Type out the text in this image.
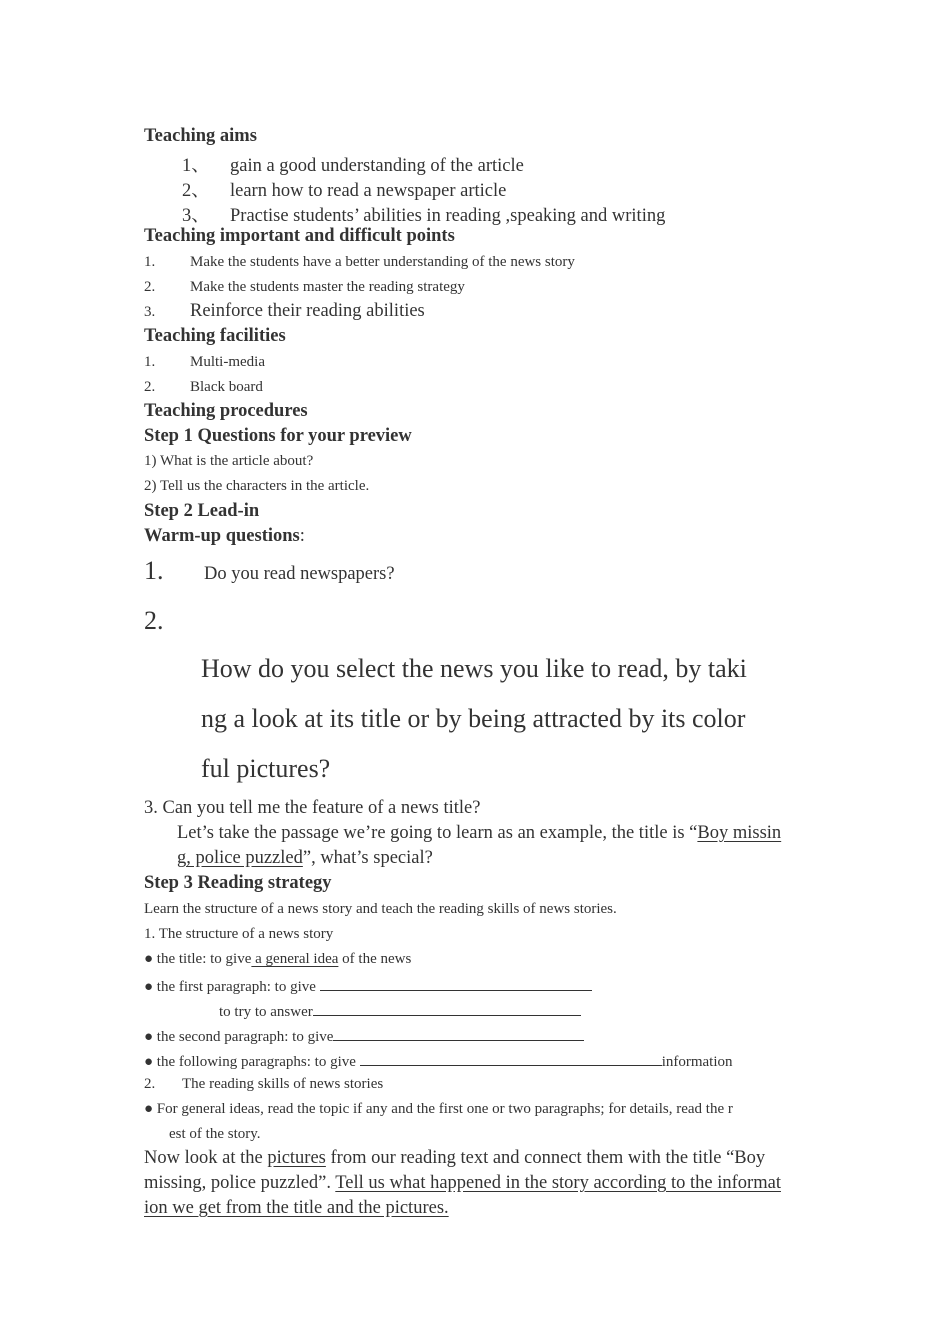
Teaching aims
1、 gain a good understanding of the article
2、 learn how to read a newspaper article
3、 Practise students’ abilities in reading ,speaking and writing
Teaching important and difficult points
1. Make the students have a better understanding of the news story
2. Make the students master the reading strategy
3. Reinforce their reading abilities
Teaching facilities
1. Multi-media
2. Black board
Teaching procedures
Step 1 Questions for your preview
1) What is the article about?
2) Tell us the characters in the article.
Step 2 Lead-in
Warm-up questions:
1. Do you read newspapers?
2.
How do you select the news you like to read, by taki
ng a look at its title or by being attracted by its color
ful pictures?
3. Can you tell me the feature of a news title?
Let’s take the passage we’re going to learn as an example, the title is “Boy missin
g, police puzzled”, what’s special?
Step 3 Reading strategy
Learn the structure of a news story and teach the reading skills of news stories.
1. The structure of a news story
● the title: to give a general idea of the news
● the first paragraph: to give
to try to answer
● the second paragraph: to give
● the following paragraphs: to give	information
2. The reading skills of news stories
● For general ideas, read the topic if any and the first one or two paragraphs; for details, read the r
est of the story.
Now look at the pictures from our reading text and connect them with the title “Boy
missing, police puzzled”. Tell us what happened in the story according to the informat
ion we get from the title and the pictures.
